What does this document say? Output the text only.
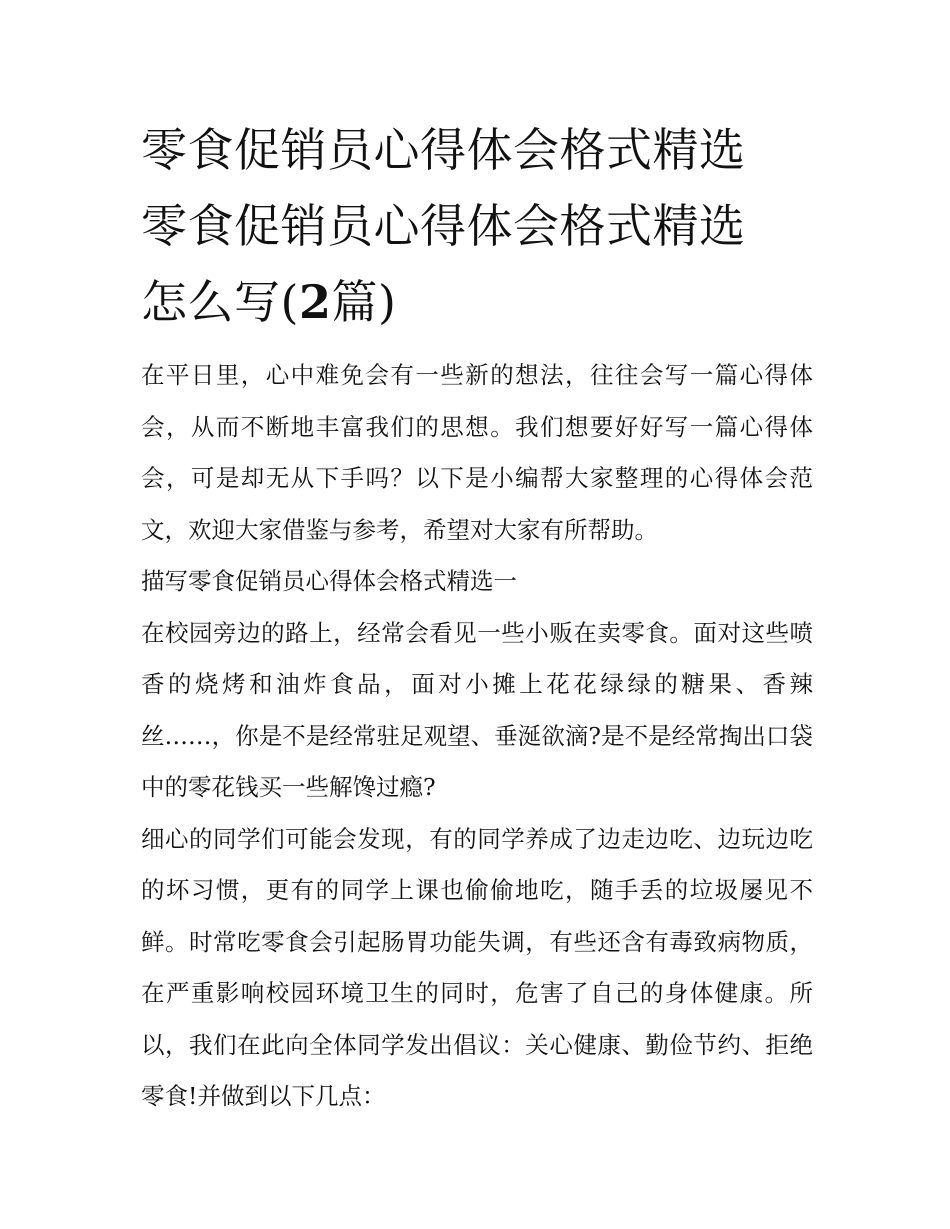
零食促销员心得体会格式精选
零食促销员心得体会格式精选
怎么写(2篇)

在平日里，心中难免会有一些新的想法，往往会写一篇心得体会，从而不断地丰富我们的思想。我们想要好好写一篇心得体会，可是却无从下手吗？以下是小编帮大家整理的心得体会范文，欢迎大家借鉴与参考，希望对大家有所帮助。

描写零食促销员心得体会格式精选一

在校园旁边的路上，经常会看见一些小贩在卖零食。面对这些喷香的烧烤和油炸食品，面对小摊上花花绿绿的糖果、香辣丝……，你是不是经常驻足观望、垂涎欲滴?是不是经常掏出口袋中的零花钱买一些解馋过瘾?

细心的同学们可能会发现，有的同学养成了边走边吃、边玩边吃的坏习惯，更有的同学上课也偷偷地吃，随手丢的垃圾屡见不鲜。时常吃零食会引起肠胃功能失调，有些还含有毒致病物质，在严重影响校园环境卫生的同时，危害了自己的身体健康。所以，我们在此向全体同学发出倡议：关心健康、勤俭节约、拒绝零食!并做到以下几点：
